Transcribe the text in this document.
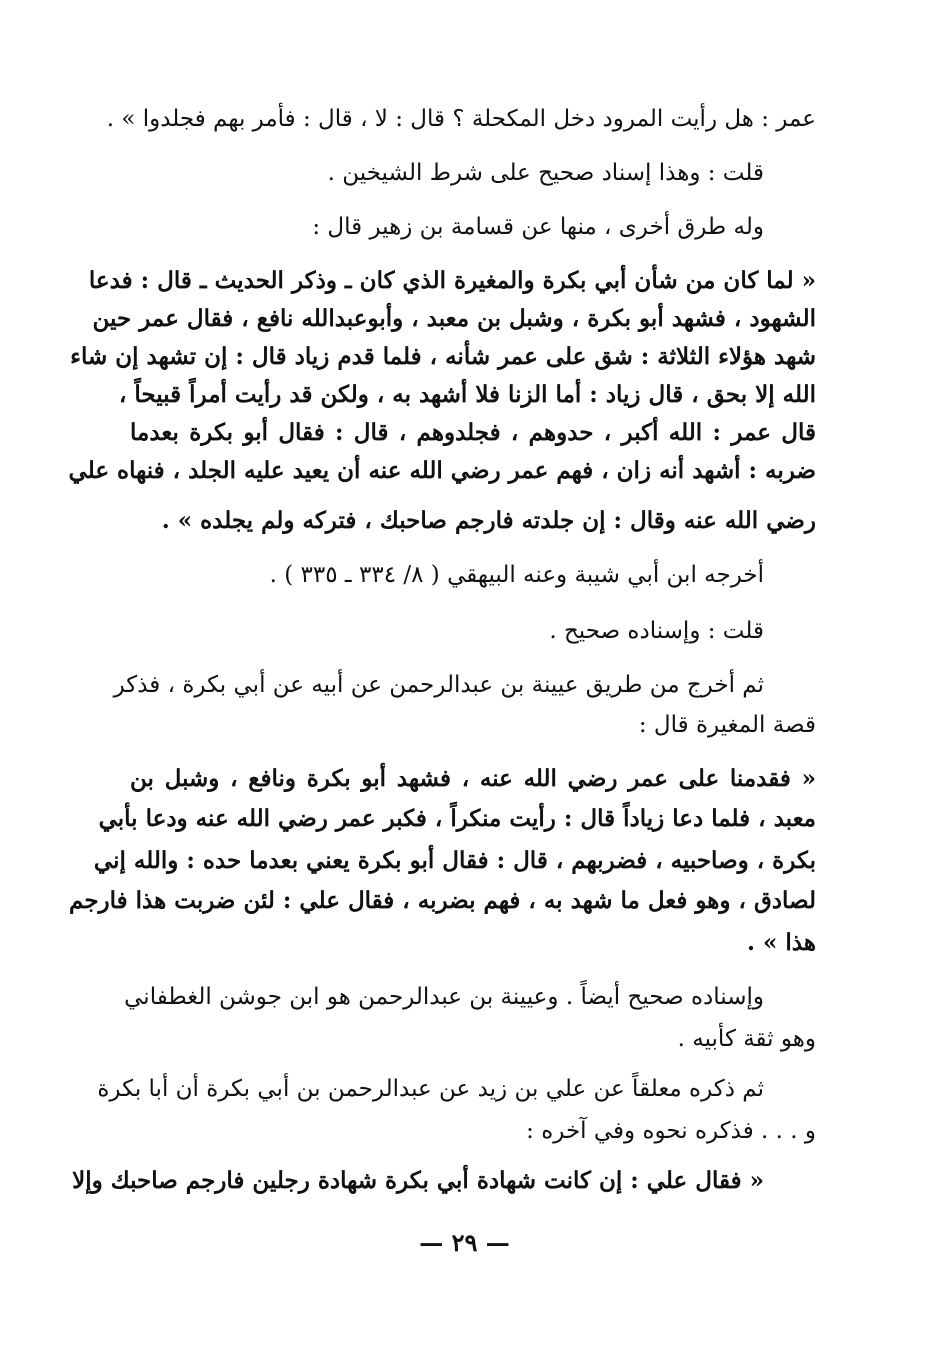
عمر : هل رأيت المرود دخل المكحلة ؟ قال : لا ، قال : فأمر بهم فجلدوا » .
قلت : وهذا إسناد صحيح على شرط الشيخين .
وله طرق أخرى ، منها عن قسامة بن زهير قال :
« لما كان من شأن أبي بكرة والمغيرة الذي كان ـ وذكر الحديث ـ قال : فدعا
الشهود ، فشهد أبو بكرة ، وشبل بن معبد ، وأبوعبدالله نافع ، فقال عمر حين
شهد هؤلاء الثلاثة : شق على عمر شأنه ، فلما قدم زياد قال : إن تشهد إن شاء
الله إلا بحق ، قال زياد : أما الزنا فلا أشهد به ، ولكن قد رأيت أمراً قبيحاً ،
قال عمر : الله أكبر ، حدوهم ، فجلدوهم ، قال : فقال أبو بكرة بعدما
ضربه : أشهد أنه زان ، فهم عمر رضي الله عنه أن يعيد عليه الجلد ، فنهاه علي
رضي الله عنه وقال : إن جلدته فارجم صاحبك ، فتركه ولم يجلده » .
أخرجه ابن أبي شيبة وعنه البيهقي ( ٨/ ٣٣٤ ـ ٣٣٥ ) .
قلت : وإسناده صحيح .
ثم أخرج من طريق عيينة بن عبدالرحمن عن أبيه عن أبي بكرة ، فذكر
قصة المغيرة قال :
« فقدمنا على عمر رضي الله عنه ، فشهد أبو بكرة ونافع ، وشبل بن
معبد ، فلما دعا زياداً قال : رأيت منكراً ، فكبر عمر رضي الله عنه ودعا بأبي
بكرة ، وصاحبيه ، فضربهم ، قال : فقال أبو بكرة يعني بعدما حده : والله إني
لصادق ، وهو فعل ما شهد به ، فهم بضربه ، فقال علي : لئن ضربت هذا فارجم
هذا » .
وإسناده صحيح أيضاً . وعيينة بن عبدالرحمن هو ابن جوشن الغطفاني
وهو ثقة كأبيه .
ثم ذكره معلقاً عن علي بن زيد عن عبدالرحمن بن أبي بكرة أن أبا بكرة
و . . . فذكره نحوه وفي آخره :
« فقال علي : إن كانت شهادة أبي بكرة شهادة رجلين فارجم صاحبك وإلا
— ٢٩ —
